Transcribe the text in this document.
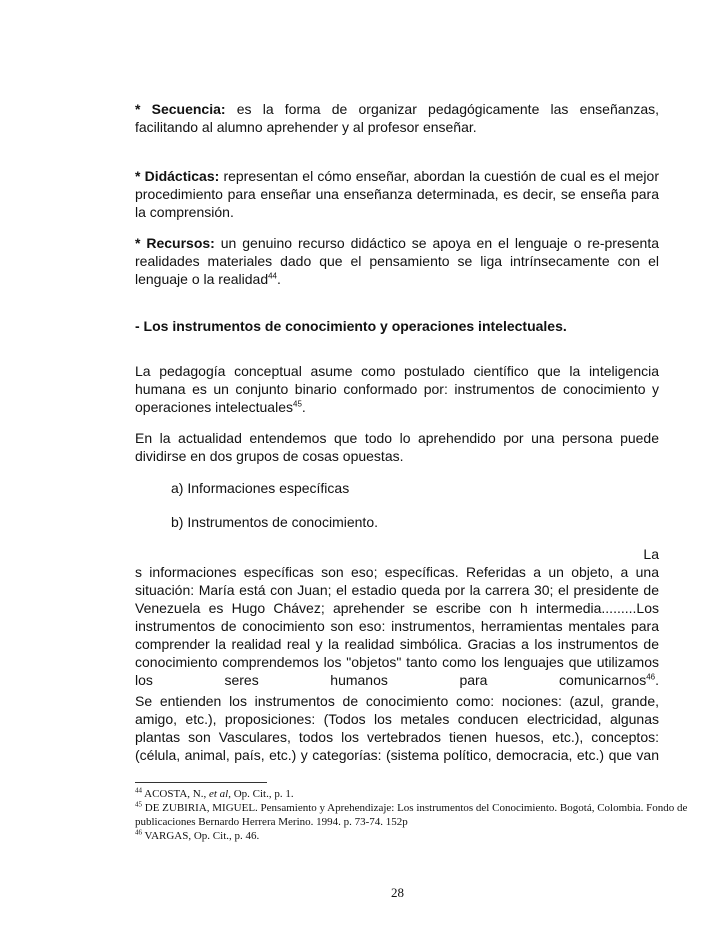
* Secuencia: es la forma de organizar pedagógicamente las enseñanzas, facilitando al alumno aprehender y al profesor enseñar.

* Didácticas: representan el cómo enseñar, abordan la cuestión de cual es el mejor procedimiento para enseñar una enseñanza determinada, es decir, se enseña para la comprensión.

* Recursos: un genuino recurso didáctico se apoya en el lenguaje o re-presenta realidades materiales dado que el pensamiento se liga intrínsecamente con el lenguaje o la realidad$^{44}$.

- Los instrumentos de conocimiento y operaciones intelectuales.

La pedagogía conceptual asume como postulado científico que la inteligencia humana es un conjunto binario conformado por: instrumentos de conocimiento y operaciones intelectuales$^{45}$.

En la actualidad entendemos que todo lo aprehendido por una persona puede dividirse en dos grupos de cosas opuestas.

a) Informaciones específicas
b) Instrumentos de conocimiento.

La

s informaciones específicas son eso; específicas. Referidas a un objeto, a una situación: María está con Juan; el estadio queda por la carrera 30; el presidente de Venezuela es Hugo Chávez; aprehender se escribe con h intermedia.........Los instrumentos de conocimiento son eso: instrumentos, herramientas mentales para comprender la realidad real y la realidad simbólica. Gracias a los instrumentos de conocimiento comprendemos los "objetos" tanto como los lenguajes que utilizamos los seres humanos para comunicarnos$^{46}$.

Se entienden los instrumentos de conocimiento como: nociones: (azul, grande, amigo, etc.), proposiciones: (Todos los metales conducen electricidad, algunas plantas son Vasculares, todos los vertebrados tienen huesos, etc.), conceptos: (célula, animal, país, etc.) y categorías: (sistema político, democracia, etc.) que van

$^{44}$ ACOSTA, N., et al, Op. Cit., p. 1.

$^{45}$ DE ZUBIRIA, MIGUEL. Pensamiento y Aprehendizaje: Los instrumentos del Conocimiento. Bogotá, Colombia. Fondo de publicaciones Bernardo Herrera Merino. 1994. p. 73-74. 152p

$^{46}$ VARGAS, Op. Cit., p. 46.

28
